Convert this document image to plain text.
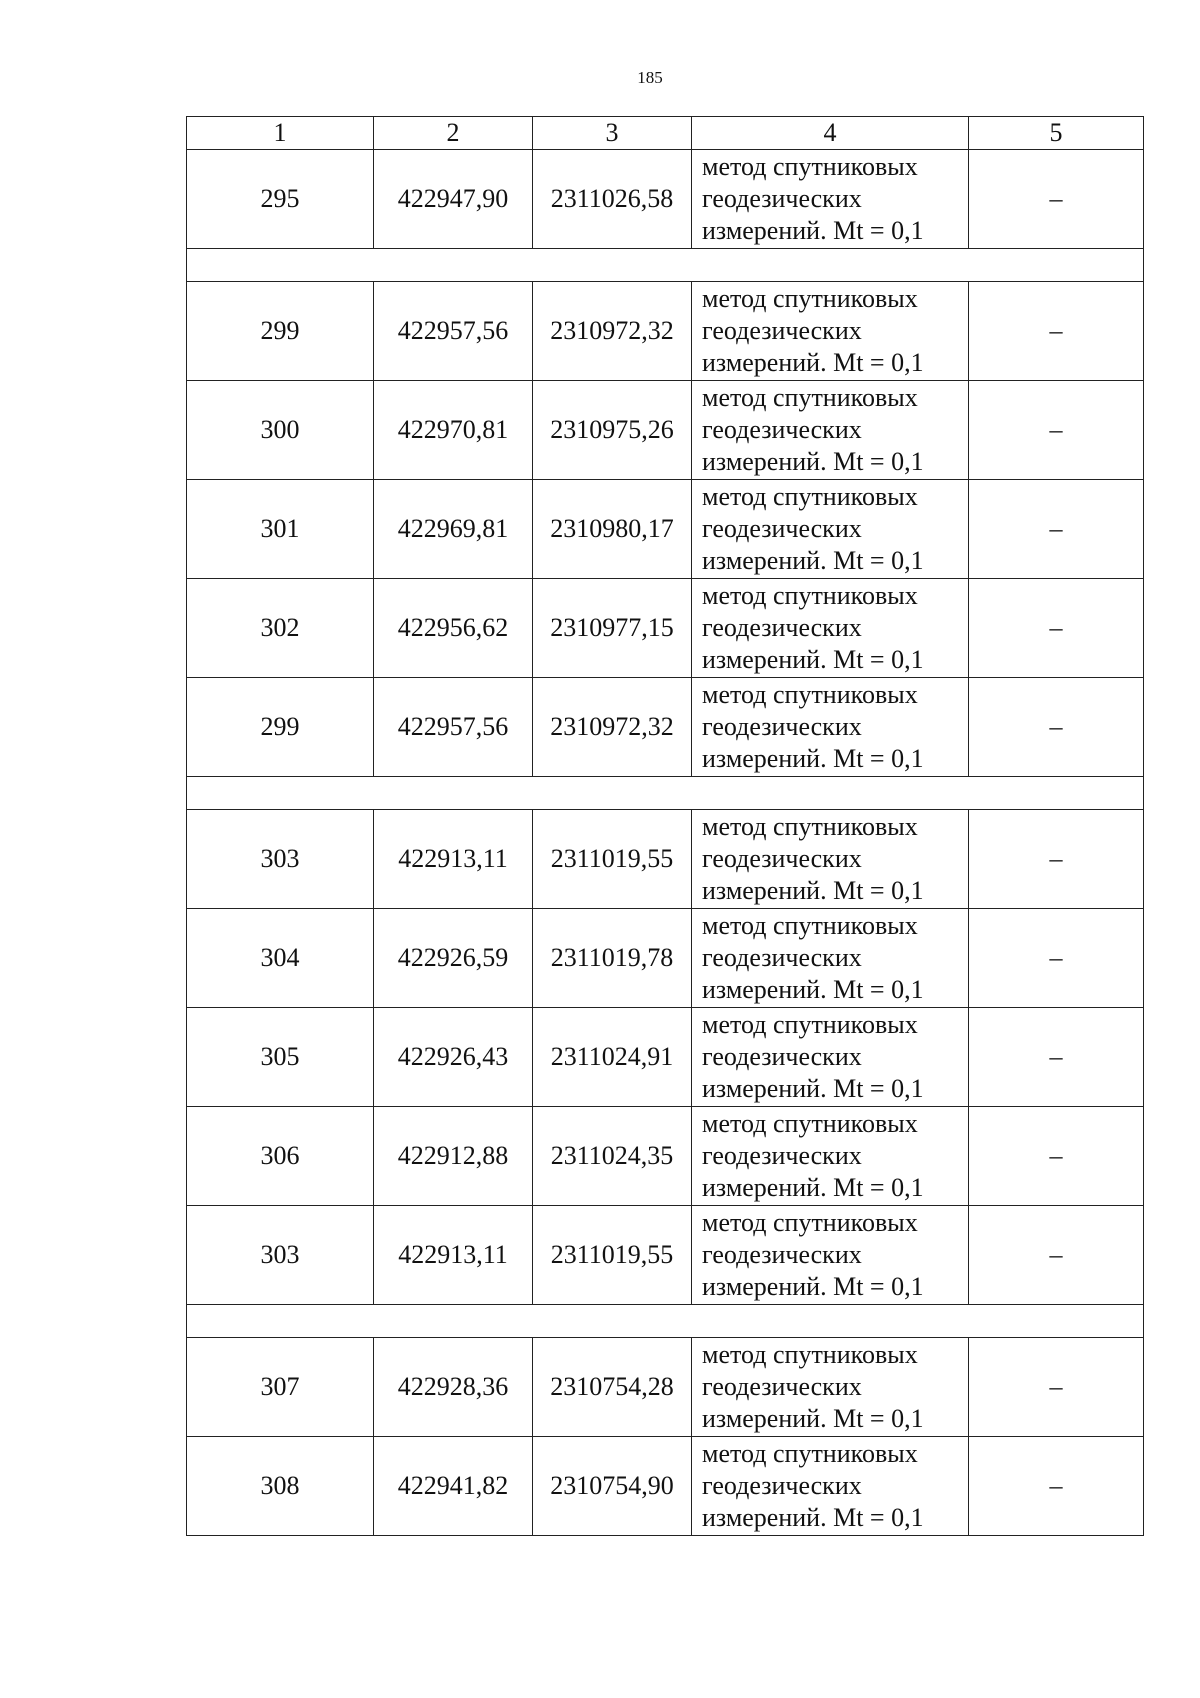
185
1	2	3	4	5
295	422947,90	2311026,58	метод спутниковых
геодезических
измерений. Mt = 0,1	–

299	422957,56	2310972,32	метод спутниковых
геодезических
измерений. Mt = 0,1	–
300	422970,81	2310975,26	метод спутниковых
геодезических
измерений. Mt = 0,1	–
301	422969,81	2310980,17	метод спутниковых
геодезических
измерений. Mt = 0,1	–
302	422956,62	2310977,15	метод спутниковых
геодезических
измерений. Mt = 0,1	–
299	422957,56	2310972,32	метод спутниковых
геодезических
измерений. Mt = 0,1	–

303	422913,11	2311019,55	метод спутниковых
геодезических
измерений. Mt = 0,1	–
304	422926,59	2311019,78	метод спутниковых
геодезических
измерений. Mt = 0,1	–
305	422926,43	2311024,91	метод спутниковых
геодезических
измерений. Mt = 0,1	–
306	422912,88	2311024,35	метод спутниковых
геодезических
измерений. Mt = 0,1	–
303	422913,11	2311019,55	метод спутниковых
геодезических
измерений. Mt = 0,1	–

307	422928,36	2310754,28	метод спутниковых
геодезических
измерений. Mt = 0,1	–
308	422941,82	2310754,90	метод спутниковых
геодезических
измерений. Mt = 0,1	–
